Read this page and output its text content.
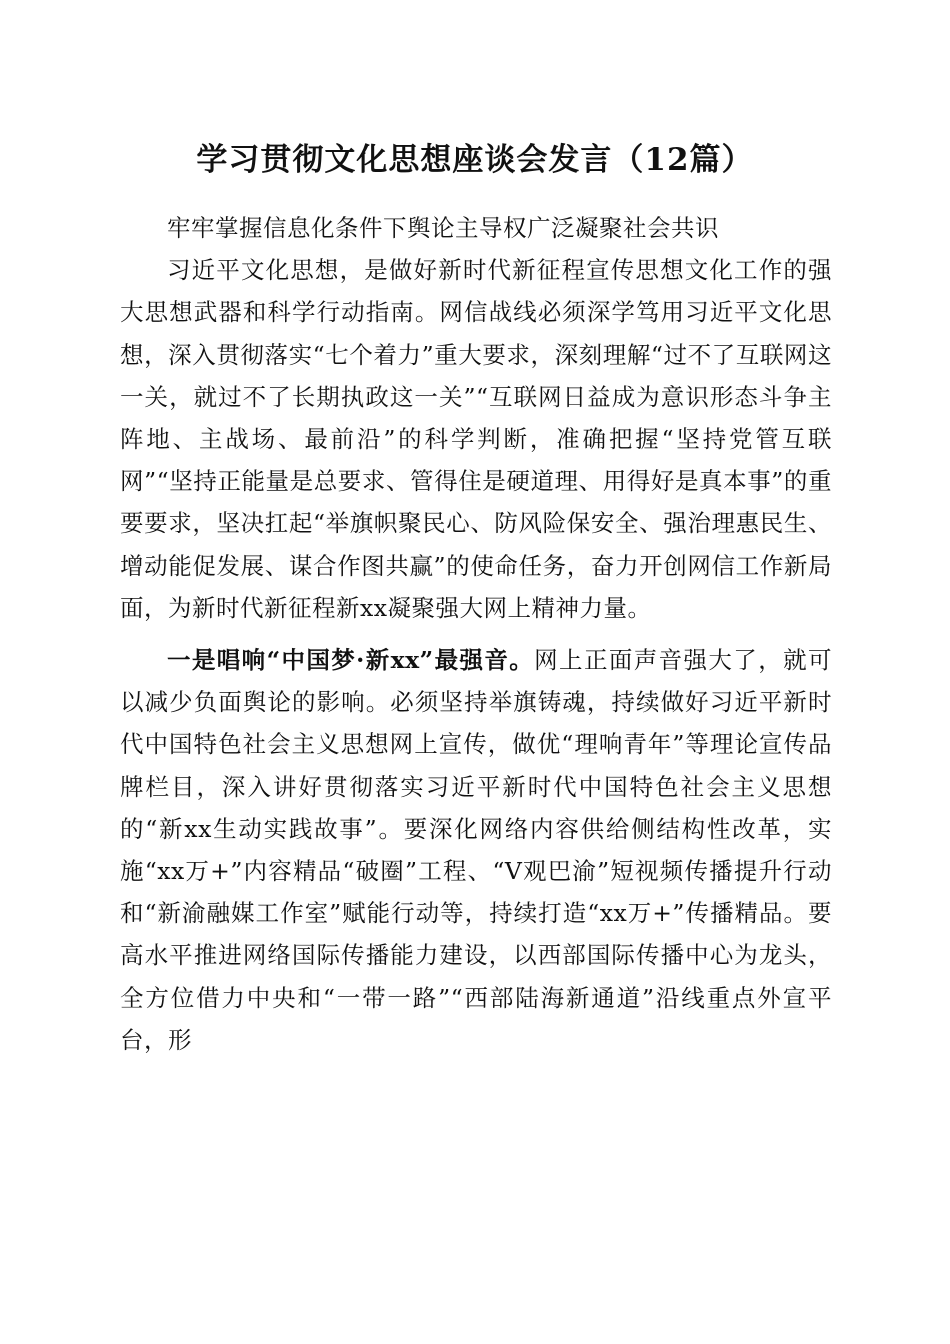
学习贯彻文化思想座谈会发言（12篇）

牢牢掌握信息化条件下舆论主导权广泛凝聚社会共识

习近平文化思想，是做好新时代新征程宣传思想文化工作的强大思想武器和科学行动指南。网信战线必须深学笃用习近平文化思想，深入贯彻落实“七个着力”重大要求，深刻理解“过不了互联网这一关，就过不了长期执政这一关”“互联网日益成为意识形态斗争主阵地、主战场、最前沿”的科学判断，准确把握“坚持党管互联网”“坚持正能量是总要求、管得住是硬道理、用得好是真本事”的重要要求，坚决扛起“举旗帜聚民心、防风险保安全、强治理惠民生、增动能促发展、谋合作图共赢”的使命任务，奋力开创网信工作新局面，为新时代新征程新xx凝聚强大网上精神力量。

一是唱响“中国梦·新xx”最强音。网上正面声音强大了，就可以减少负面舆论的影响。必须坚持举旗铸魂，持续做好习近平新时代中国特色社会主义思想网上宣传，做优“理响青年”等理论宣传品牌栏目，深入讲好贯彻落实习近平新时代中国特色社会主义思想的“新xx生动实践故事”。要深化网络内容供给侧结构性改革，实施“xx万+”内容精品“破圈”工程、“V观巴渝”短视频传播提升行动和“新渝融媒工作室”赋能行动等，持续打造“xx万+”传播精品。要高水平推进网络国际传播能力建设，以西部国际传播中心为龙头，全方位借力中央和“一带一路”“西部陆海新通道”沿线重点外宣平台，形
